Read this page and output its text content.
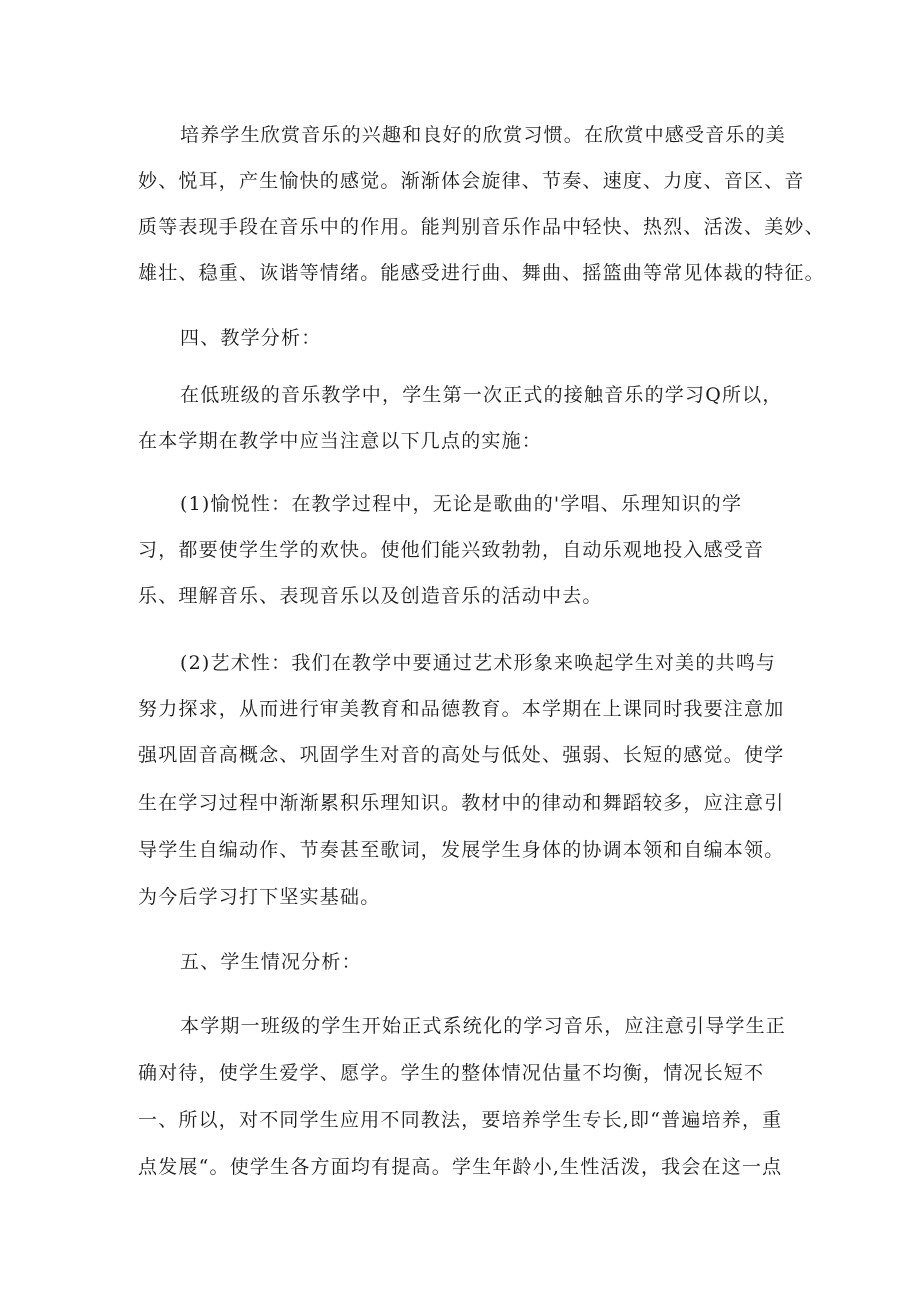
培养学生欣赏音乐的兴趣和良好的欣赏习惯。在欣赏中感受音乐的美
妙、悦耳，产生愉快的感觉。渐渐体会旋律、节奏、速度、力度、音区、音
质等表现手段在音乐中的作用。能判别音乐作品中轻快、热烈、活泼、美妙、
雄壮、稳重、诙谐等情绪。能感受进行曲、舞曲、摇篮曲等常见体裁的特征。
四、教学分析：
在低班级的音乐教学中，学生第一次正式的接触音乐的学习Q所以，
在本学期在教学中应当注意以下几点的实施：
(1)愉悦性：在教学过程中，无论是歌曲的'学唱、乐理知识的学
习，都要使学生学的欢快。使他们能兴致勃勃，自动乐观地投入感受音
乐、理解音乐、表现音乐以及创造音乐的活动中去。
(2)艺术性：我们在教学中要通过艺术形象来唤起学生对美的共鸣与
努力探求，从而进行审美教育和品德教育。本学期在上课同时我要注意加
强巩固音高概念、巩固学生对音的高处与低处、强弱、长短的感觉。使学
生在学习过程中渐渐累积乐理知识。教材中的律动和舞蹈较多，应注意引
导学生自编动作、节奏甚至歌词，发展学生身体的协调本领和自编本领。
为今后学习打下坚实基础。
五、学生情况分析：
本学期一班级的学生开始正式系统化的学习音乐，应注意引导学生正
确对待，使学生爱学、愿学。学生的整体情况估量不均衡，情况长短不
一、所以，对不同学生应用不同教法，要培养学生专长,即“普遍培养，重
点发展“。使学生各方面均有提高。学生年龄小,生性活泼，我会在这一点
